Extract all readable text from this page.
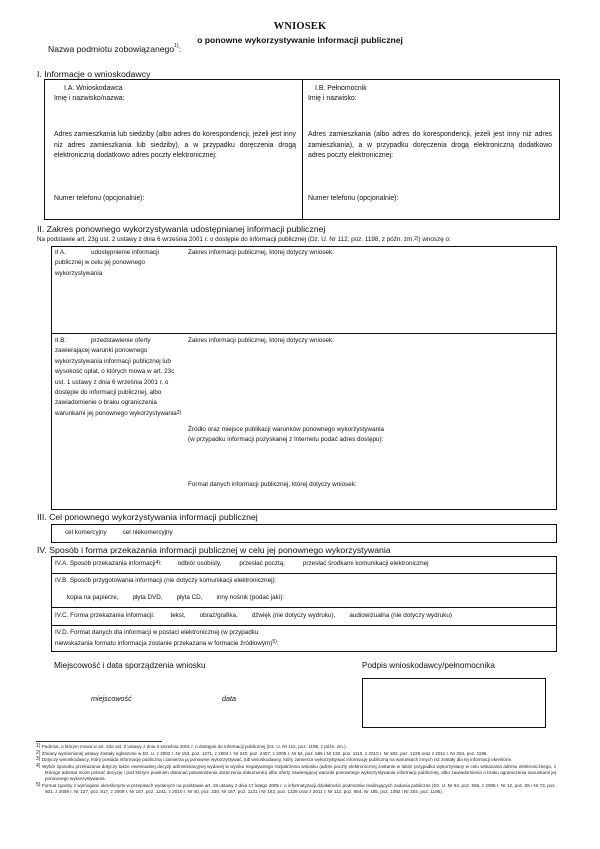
WNIOSEK
o ponowne wykorzystywanie informacji publicznej
Nazwa podmiotu zobowiązanego$^{1)}$:
I. Informacje o wnioskodawcy
I.A. Wnioskodawca
Imię i nazwisko/nazwa:
Adres zamieszkania lub siedziby (albo adres do korespondencji, jeżeli jest inny niż adres zamieszkania lub siedziby), a w przypadku doręczenia drogą elektroniczną dodatkowo adres poczty elektronicznej:
Numer telefonu (opcjonalnie):
I.B. Pełnomocnik
Imię i nazwisko:
Adres zamieszkania (albo adres do korespondencji, jeżeli jest inny niż adres zamieszkania), a w przypadku doręczenia drogą elektroniczną dodatkowo adres poczty elektronicznej:
Numer telefonu (opcjonalnie):
II. Zakres ponownego wykorzystywania udostępnianej informacji publicznej
Na podstawie art. 23g ust. 2 ustawy z dnia 6 września 2001 r. o dostępie do informacji publicznej (Dz. U. Nr 112, poz. 1198, z późn. zm.$^{2)}$) wnoszę o:
II A.	udostępnienie informacji
publicznej w celu jej ponownego wykorzystywania
Zakres informacji publicznej, której dotyczy wniosek:
II.B.	przedstawienie oferty
zawierającej warunki ponownego wykorzystywania informacji publicznej lub wysokość opłat, o których mowa w art. 23c ust. 1 ustawy z dnia 6 września 2001 r. o dostępie do informacji publicznej, albo zawiadomienie o braku ograniczenia warunkami jej ponownego wykorzystywania$^{3)}$
Zakres informacji publicznej, której dotyczy wniosek:
Źródło oraz miejsce publikacji warunków ponownego wykorzystywania
(w przypadku informacji pozyskanej z Internetu podać adres dostępu):
Format danych informacji publicznej, której dotyczy wniosek:
III. Cel ponownego wykorzystywania informacji publicznej
cel komercyjny	cel niekomercyjny
IV. Sposób i forma przekazania informacji publicznej w celu jej ponownego wykorzystywania
IV.A. Sposób przekazania informacji$^{4)}$:	odbiór osobisty,	przesłać pocztą,	przesłać środkami komunikacji elektronicznej
IV.B. Sposób przygotowania informacji (nie dotyczy komunikacji elektronicznej):
kopia na papierze, płyta DVD, płyta CD, inny nośnik (podać jaki):
IV.C. Forma przekazania informacji:	tekst, obraz/grafika, dźwięk (nie dotyczy wydruku), audiowizualna (nie dotyczy wydruku)
IV.D. Format danych dla informacji w postaci elektronicznej (w przypadku
niewskazania formatu informacja zostanie przekazana w formacie źródłowym)$^{5)}$:
Miejscowość i data sporządzenia wniosku
miejscowość	data
Podpis wnioskodawcy/pełnomocnika
$^{1)}$ Podmiot, o którym mowa w art. 23a ust. 2 ustawy z dnia 6 września 2001 r. o dostępie do informacji publicznej (Dz. U. Nr 112, poz. 1198, z późn. zm.).
$^{2)}$ Zmiany wymienionej ustawy zostały ogłoszone w Dz. U. z 2002 r. Nr 153, poz. 1271, z 2004 r. Nr 240, poz. 2407, z 2005 r. Nr 64, poz. 565 i Nr 132, poz. 1110, z 2010 r. Nr 182, poz. 1228 oraz z 2011 r. Nr 204, poz. 1195.
$^{3)}$ Dotyczy wnioskodawcy, który posiada informację publiczną i zamierza ją ponownie wykorzystywać, lub wnioskodawcy, który zamierza wykorzystywać informację publiczną na warunkach innych niż zostały dla tej informacji określone.
$^{4)}$ Wybór sposobu przekazania dotyczy także ewentualnej decyzji administracyjnej wydanej w wyniku negatywnego rozpatrzenia wniosku (adres poczty elektronicznej zostanie w takim przypadku wykorzystany w celu wskazania adresu elektronicznego, z którego adresat może pobrać decyzję i pod którym powinien dokonać potwierdzenia doręczenia dokumentu) albo oferty zawierającej warunki ponownego wykorzystywania informacji publicznej, albo zawiadomienia o braku ograniczenia warunkami jej ponownego wykorzystywania.
$^{5)}$ Format zgodny z wymogami określonymi w przepisach wydanych na podstawie art. 18 ustawy z dnia 17 lutego 2005 r. o informatyzacji działalności podmiotów realizujących zadania publiczne (Dz. U. Nr 64, poz. 565, z 2006 r. Nr 12, poz. 65 i Nr 73, poz. 501, z 2008 r. Nr 127, poz. 817, z 2009 r. Nr 157, poz. 1241, z 2010 r. Nr 40, poz. 230, Nr 167, poz. 1131 i Nr 182, poz. 1228 oraz z 2011 r. Nr 112, poz. 654, Nr 185, poz. 1092 i Nr 204, poz. 1195).
